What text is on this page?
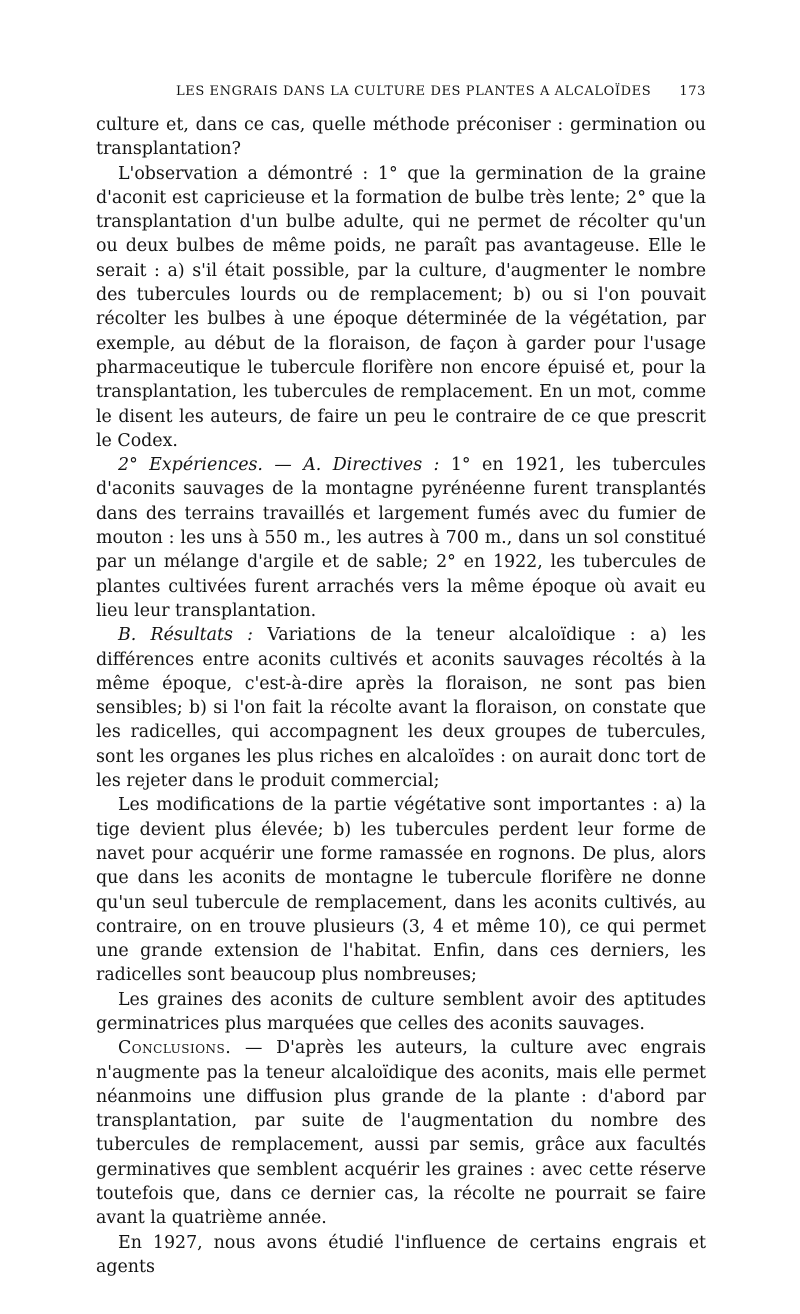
LES ENGRAIS DANS LA CULTURE DES PLANTES A ALCALOÏDES 173

culture et, dans ce cas, quelle méthode préconiser : germination ou transplantation?

L'observation a démontré : 1° que la germination de la graine d'aconit est capricieuse et la formation de bulbe très lente; 2° que la transplantation d'un bulbe adulte, qui ne permet de récolter qu'un ou deux bulbes de même poids, ne paraît pas avantageuse. Elle le serait : a) s'il était possible, par la culture, d'augmenter le nombre des tubercules lourds ou de remplacement; b) ou si l'on pouvait récolter les bulbes à une époque déterminée de la végétation, par exemple, au début de la floraison, de façon à garder pour l'usage pharmaceutique le tubercule florifère non encore épuisé et, pour la transplantation, les tubercules de remplacement. En un mot, comme le disent les auteurs, de faire un peu le contraire de ce que prescrit le Codex.

2° Expériences. — A. Directives : 1° en 1921, les tubercules d'aconits sauvages de la montagne pyrénéenne furent transplantés dans des terrains travaillés et largement fumés avec du fumier de mouton : les uns à 550 m., les autres à 700 m., dans un sol constitué par un mélange d'argile et de sable; 2° en 1922, les tubercules de plantes cultivées furent arrachés vers la même époque où avait eu lieu leur transplantation.

B. Résultats : Variations de la teneur alcaloïdique : a) les différences entre aconits cultivés et aconits sauvages récoltés à la même époque, c'est-à-dire après la floraison, ne sont pas bien sensibles; b) si l'on fait la récolte avant la floraison, on constate que les radicelles, qui accompagnent les deux groupes de tubercules, sont les organes les plus riches en alcaloïdes : on aurait donc tort de les rejeter dans le produit commercial;

Les modifications de la partie végétative sont importantes : a) la tige devient plus élevée; b) les tubercules perdent leur forme de navet pour acquérir une forme ramassée en rognons. De plus, alors que dans les aconits de montagne le tubercule florifère ne donne qu'un seul tubercule de remplacement, dans les aconits cultivés, au contraire, on en trouve plusieurs (3, 4 et même 10), ce qui permet une grande extension de l'habitat. Enfin, dans ces derniers, les radicelles sont beaucoup plus nombreuses;

Les graines des aconits de culture semblent avoir des aptitudes germinatrices plus marquées que celles des aconits sauvages.

Conclusions. — D'après les auteurs, la culture avec engrais n'augmente pas la teneur alcaloïdique des aconits, mais elle permet néanmoins une diffusion plus grande de la plante : d'abord par transplantation, par suite de l'augmentation du nombre des tubercules de remplacement, aussi par semis, grâce aux facultés germinatives que semblent acquérir les graines : avec cette réserve toutefois que, dans ce dernier cas, la récolte ne pourrait se faire avant la quatrième année.

En 1927, nous avons étudié l'influence de certains engrais et agents
